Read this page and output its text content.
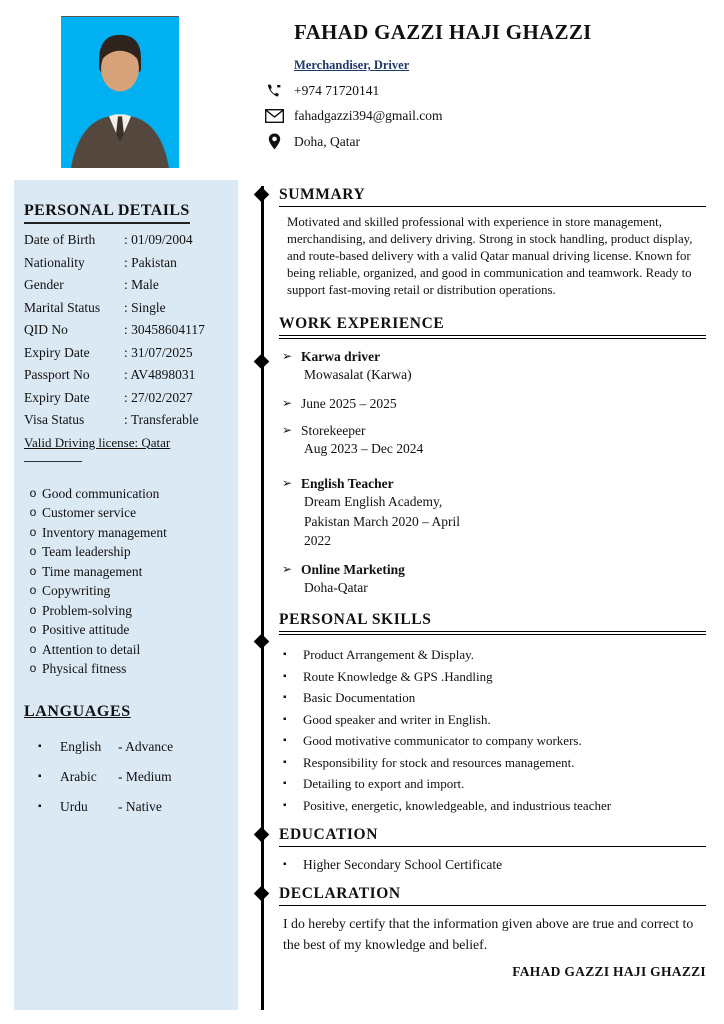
FAHAD GAZZI HAJI GHAZZI
Merchandiser, Driver
+974 71720141
fahadgazzi394@gmail.com
Doha, Qatar
PERSONAL DETAILS
Date of Birth	: 01/09/2004
Nationality	: Pakistan
Gender	: Male
Marital Status	: Single
QID No	: 30458604117
Expiry Date	: 31/07/2025
Passport No	: AV4898031
Expiry Date	: 27/02/2027
Visa Status	: Transferable
Valid Driving license: Qatar
o Good communication
o Customer service
o Inventory management
o Team leadership
o Time management
o Copywriting
o Problem-solving
o Positive attitude
o Attention to detail
o Physical fitness
LANGUAGES
▪	English	- Advance
▪	Arabic	- Medium
▪	Urdu	- Native
SUMMARY
Motivated and skilled professional with experience in store management, merchandising, and delivery driving. Strong in stock handling, product display, and route-based delivery with a valid Qatar manual driving license. Known for being reliable, organized, and good in communication and teamwork. Ready to support fast-moving retail or distribution operations.
WORK EXPERIENCE
➢ Karwa driver
Mowasalat (Karwa)
➢ June 2025 – 2025
➢ Storekeeper
Aug 2023 – Dec 2024
➢ English Teacher
Dream English Academy,
Pakistan March 2020 – April
2022
➢ Online Marketing
Doha-Qatar
PERSONAL SKILLS
▪	Product Arrangement & Display.
▪	Route Knowledge & GPS .Handling
▪	Basic Documentation
▪	Good speaker and writer in English.
▪	Good motivative communicator to company workers.
▪	Responsibility for stock and resources management.
▪	Detailing to export and import.
▪	Positive, energetic, knowledgeable, and industrious teacher
EDUCATION
▪	Higher Secondary School Certificate
DECLARATION
I do hereby certify that the information given above are true and correct to the best of my knowledge and belief.
FAHAD GAZZI HAJI GHAZZI
